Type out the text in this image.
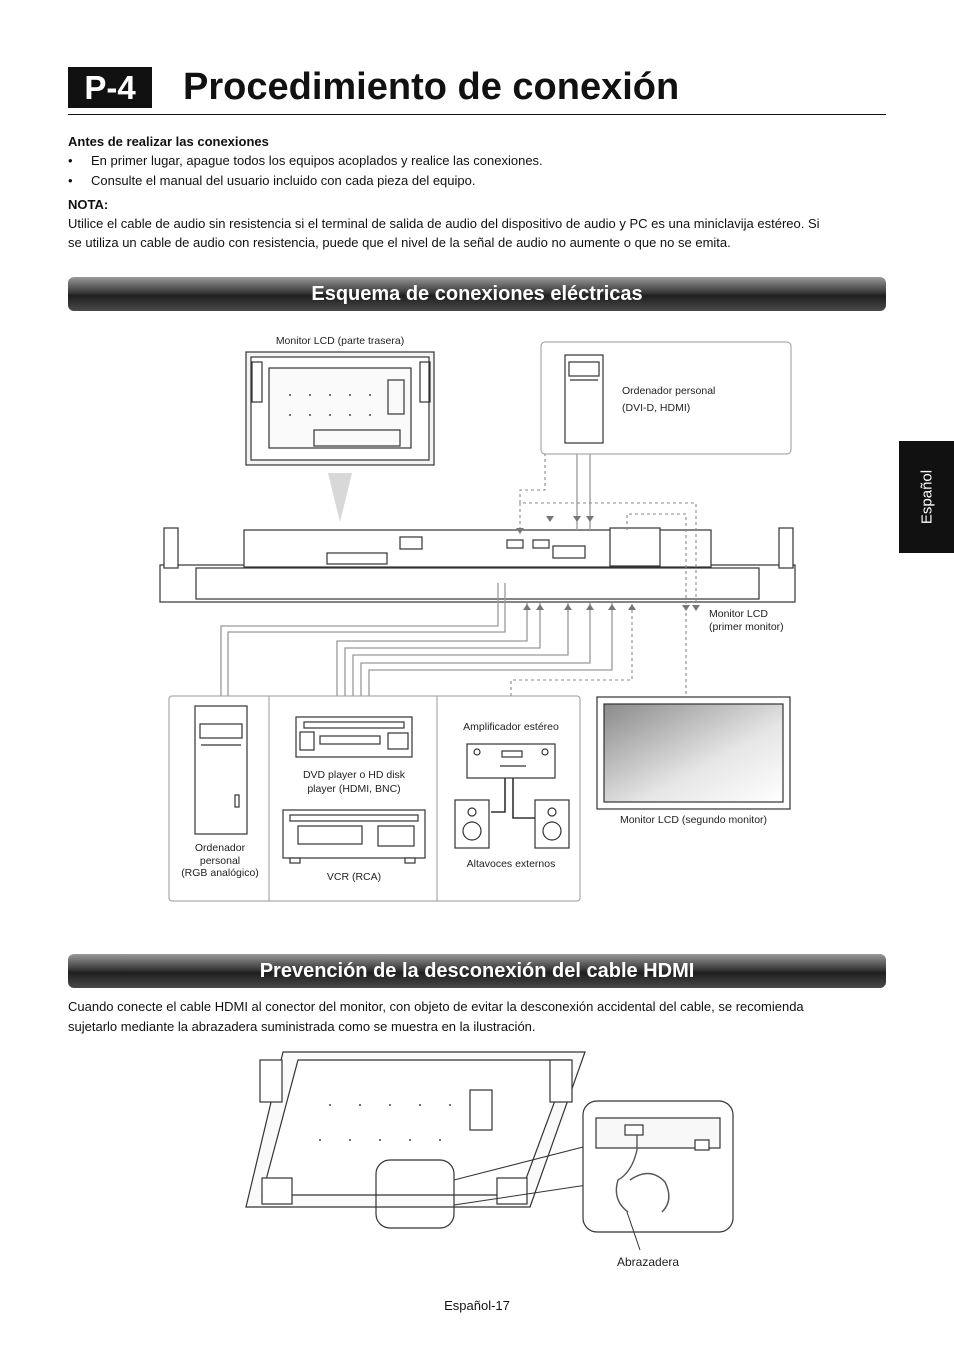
P-4	Procedimiento de conexión
Español
Antes de realizar las conexiones
• En primer lugar, apague todos los equipos acoplados y realice las conexiones.
• Consulte el manual del usuario incluido con cada pieza del equipo.
NOTA:
Utilice el cable de audio sin resistencia si el terminal de salida de audio del dispositivo de audio y PC es una miniclavija estéreo. Si
se utiliza un cable de audio con resistencia, puede que el nivel de la señal de audio no aumente o que no se emita.
Esquema de conexiones eléctricas
Monitor LCD (parte trasera)
Ordenador personal
(DVI-D, HDMI)
Monitor LCD
(primer monitor)
Ordenador
personal
(RGB analógico)
DVD player o HD disk
player (HDMI, BNC)
VCR (RCA)
Amplificador estéreo
Altavoces externos
Monitor LCD (segundo monitor)
Prevención de la desconexión del cable HDMI
Cuando conecte el cable HDMI al conector del monitor, con objeto de evitar la desconexión accidental del cable, se recomienda
sujetarlo mediante la abrazadera suministrada como se muestra en la ilustración.
Abrazadera
Español-17
